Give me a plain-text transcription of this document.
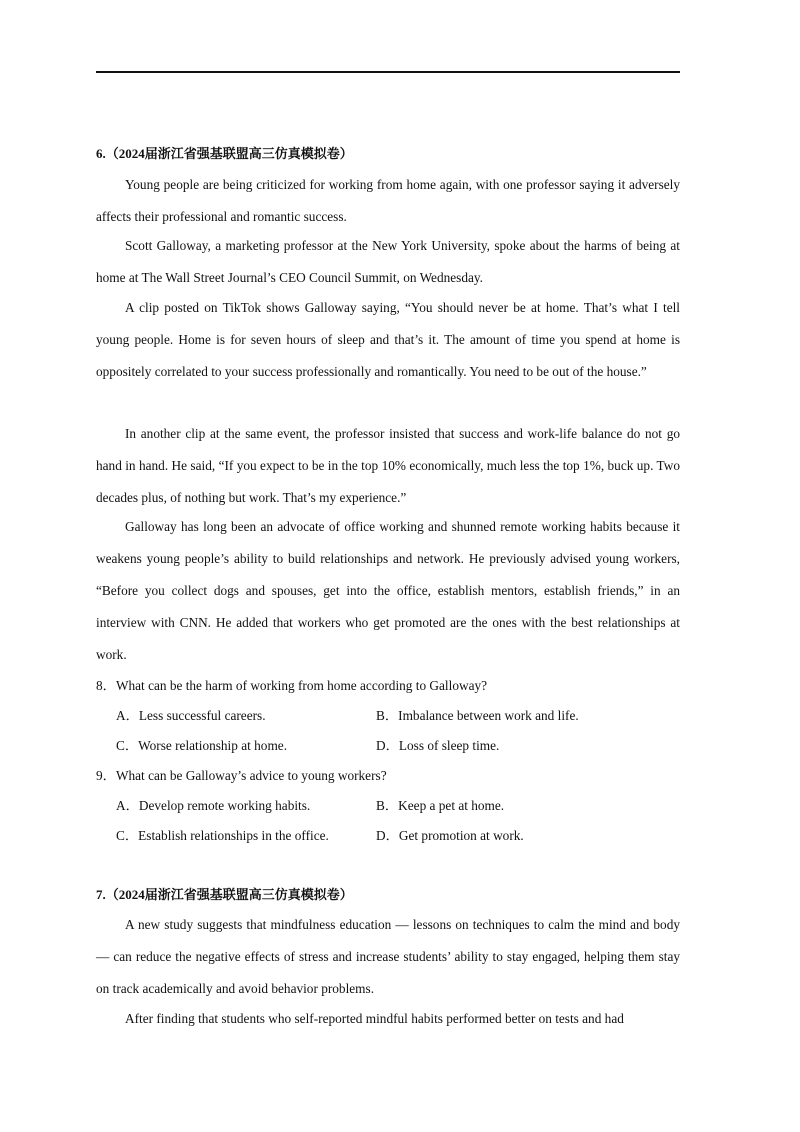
6.（2024届浙江省强基联盟高三仿真模拟卷）

Young people are being criticized for working from home again, with one professor saying it adversely affects their professional and romantic success.

Scott Galloway, a marketing professor at the New York University, spoke about the harms of being at home at The Wall Street Journal’s CEO Council Summit, on Wednesday.

A clip posted on TikTok shows Galloway saying, “You should never be at home. That’s what I tell young people. Home is for seven hours of sleep and that’s it. The amount of time you spend at home is oppositely correlated to your success professionally and romantically. You need to be out of the house.”

In another clip at the same event, the professor insisted that success and work-life balance do not go hand in hand. He said, “If you expect to be in the top 10% economically, much less the top 1%, buck up. Two decades plus, of nothing but work. That’s my experience.”

Galloway has long been an advocate of office working and shunned remote working habits because it weakens young people’s ability to build relationships and network. He previously advised young workers, “Before you collect dogs and spouses, get into the office, establish mentors, establish friends,” in an interview with CNN. He added that workers who get promoted are the ones with the best relationships at work.

8．What can be the harm of working from home according to Galloway?
A．Less successful careers.	B．Imbalance between work and life.
C．Worse relationship at home.	D．Loss of sleep time.
9．What can be Galloway’s advice to young workers?
A．Develop remote working habits.	B．Keep a pet at home.
C．Establish relationships in the office.	D．Get promotion at work.
7.（2024届浙江省强基联盟高三仿真模拟卷）

A new study suggests that mindfulness education — lessons on techniques to calm the mind and body — can reduce the negative effects of stress and increase students’ ability to stay engaged, helping them stay on track academically and avoid behavior problems.

After finding that students who self-reported mindful habits performed better on tests and had
